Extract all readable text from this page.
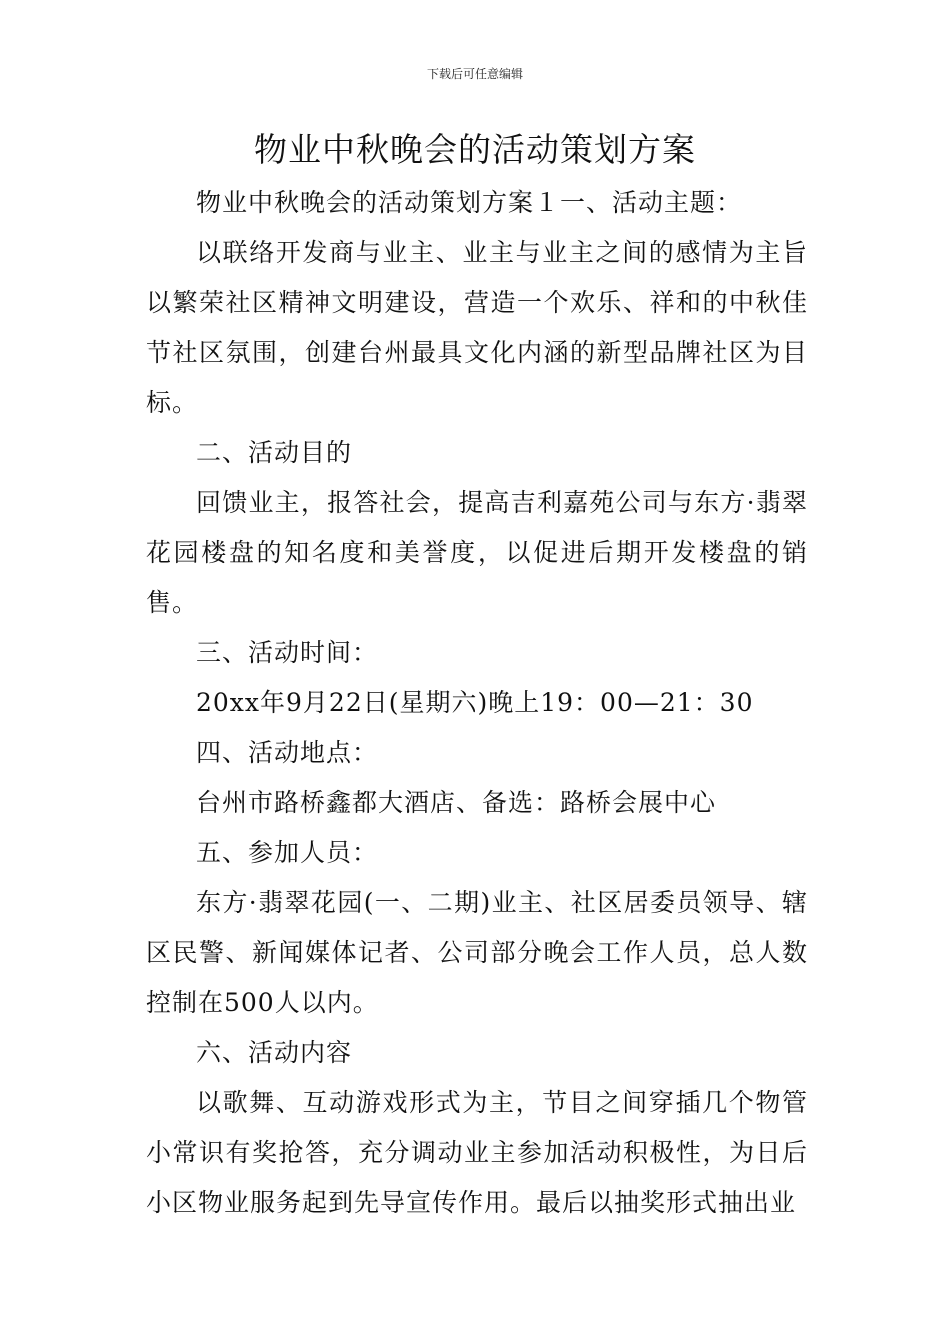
下载后可任意编辑
物业中秋晚会的活动策划方案

物业中秋晚会的活动策划方案１一、活动主题：

以联络开发商与业主、业主与业主之间的感情为主旨以繁荣社区精神文明建设，营造一个欢乐、祥和的中秋佳节社区氛围，创建台州最具文化内涵的新型品牌社区为目标。

二、活动目的

回馈业主，报答社会，提高吉利嘉苑公司与东方·翡翠花园楼盘的知名度和美誉度，以促进后期开发楼盘的销售。

三、活动时间：

20xx年9月22日(星期六)晚上19：00—21：30

四、活动地点：

台州市路桥鑫都大酒店、备选：路桥会展中心

五、参加人员：

东方·翡翠花园(一、二期)业主、社区居委员领导、辖区民警、新闻媒体记者、公司部分晚会工作人员，总人数控制在500人以内。

六、活动内容

以歌舞、互动游戏形式为主，节目之间穿插几个物管小常识有奖抢答，充分调动业主参加活动积极性，为日后小区物业服务起到先导宣传作用。最后以抽奖形式抽出业
